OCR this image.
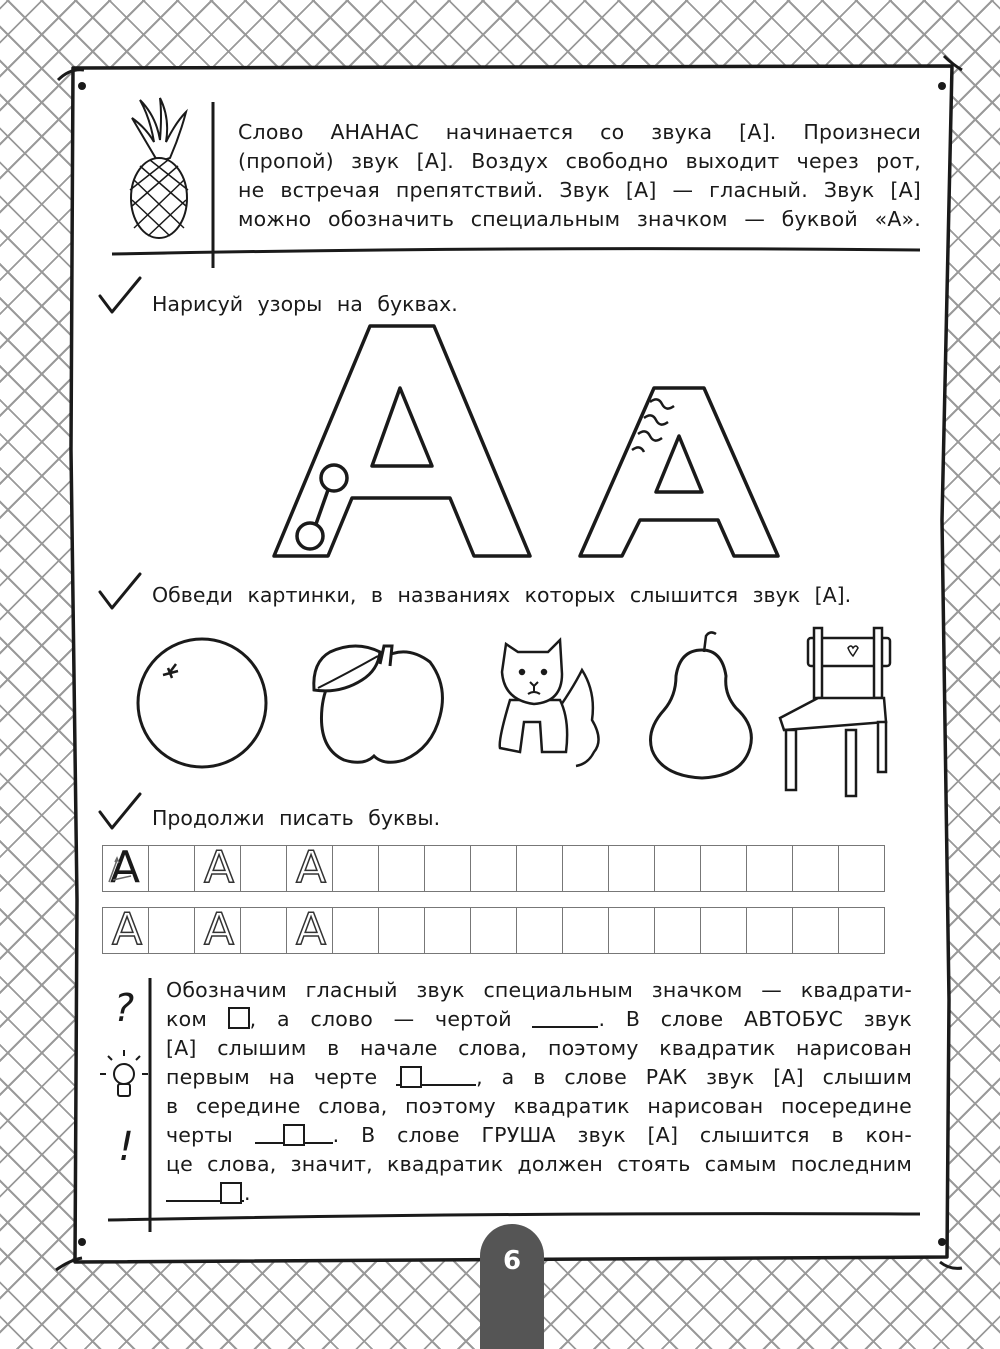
Слово АНАНАС начинается со звука [А]. Произнеси
(пропой) звук [А]. Воздух свободно выходит через рот,
не встречая препятствий. Звук [А] — гласный. Звук [А]
можно обозначить специальным значком — буквой «А».
Нарисуй узоры на буквах.
Обведи картинки, в названиях которых слышится звук [А].
Продолжи писать буквы.
A A A
A A A
?
!
Обозначим гласный звук специальным значком — квадрати-
ком , а слово — чертой	. В слове АВТОБУС звук
[А] слышим в начале слова, поэтому квадратик нарисован
первым на черте	, а в слове РАК звук [А] слышим
в середине слова, поэтому квадратик нарисован посередине
черты	. В слове ГРУША звук [А] слышится в кон-
це слова, значит, квадратик должен стоять самым последним
.
6
